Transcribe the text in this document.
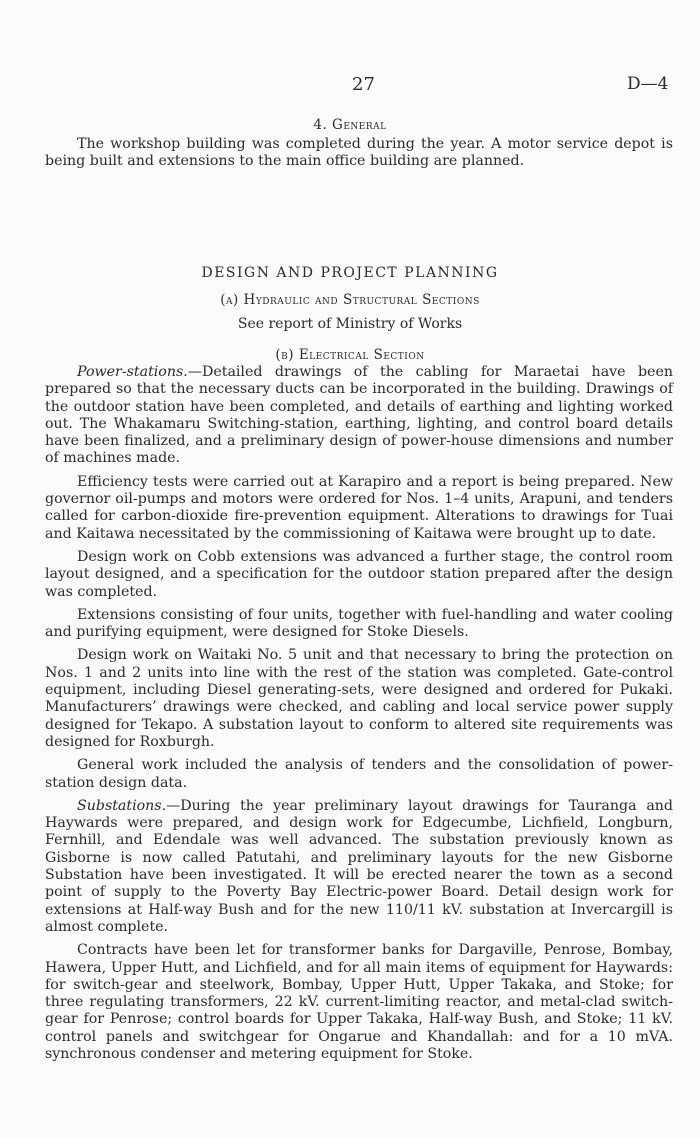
27	D—4
4. General

The workshop building was completed during the year. A motor service depot is being built and extensions to the main office building are planned.

DESIGN AND PROJECT PLANNING
(a) Hydraulic and Structural Sections
See report of Ministry of Works
(b) Electrical Section

Power-stations.—Detailed drawings of the cabling for Maraetai have been prepared so that the necessary ducts can be incorporated in the building. Drawings of the outdoor station have been completed, and details of earthing and lighting worked out. The Whakamaru Switching-station, earthing, lighting, and control board details have been finalized, and a preliminary design of power-house dimensions and number of machines made.

Efficiency tests were carried out at Karapiro and a report is being prepared. New governor oil-pumps and motors were ordered for Nos. 1–4 units, Arapuni, and tenders called for carbon-dioxide fire-prevention equipment. Alterations to drawings for Tuai and Kaitawa necessitated by the commissioning of Kaitawa were brought up to date.

Design work on Cobb extensions was advanced a further stage, the control room layout designed, and a specification for the outdoor station prepared after the design was completed.

Extensions consisting of four units, together with fuel-handling and water cooling and purifying equipment, were designed for Stoke Diesels.

Design work on Waitaki No. 5 unit and that necessary to bring the protection on Nos. 1 and 2 units into line with the rest of the station was completed. Gate-control equipment, including Diesel generating-sets, were designed and ordered for Pukaki. Manufacturers’ drawings were checked, and cabling and local service power supply designed for Tekapo. A substation layout to conform to altered site requirements was designed for Roxburgh.

General work included the analysis of tenders and the consolidation of power-station design data.

Substations.—During the year preliminary layout drawings for Tauranga and Haywards were prepared, and design work for Edgecumbe, Lichfield, Longburn, Fernhill, and Edendale was well advanced. The substation previously known as Gisborne is now called Patutahi, and preliminary layouts for the new Gisborne Substation have been investigated. It will be erected nearer the town as a second point of supply to the Poverty Bay Electric-power Board. Detail design work for extensions at Half-way Bush and for the new 110/11 kV. substation at Invercargill is almost complete.

Contracts have been let for transformer banks for Dargaville, Penrose, Bombay, Hawera, Upper Hutt, and Lichfield, and for all main items of equipment for Haywards: for switch-gear and steelwork, Bombay, Upper Hutt, Upper Takaka, and Stoke; for three regulating transformers, 22 kV. current-limiting reactor, and metal-clad switch-gear for Penrose; control boards for Upper Takaka, Half-way Bush, and Stoke; 11 kV. control panels and switchgear for Ongarue and Khandallah: and for a 10 mVA. synchronous condenser and metering equipment for Stoke.
